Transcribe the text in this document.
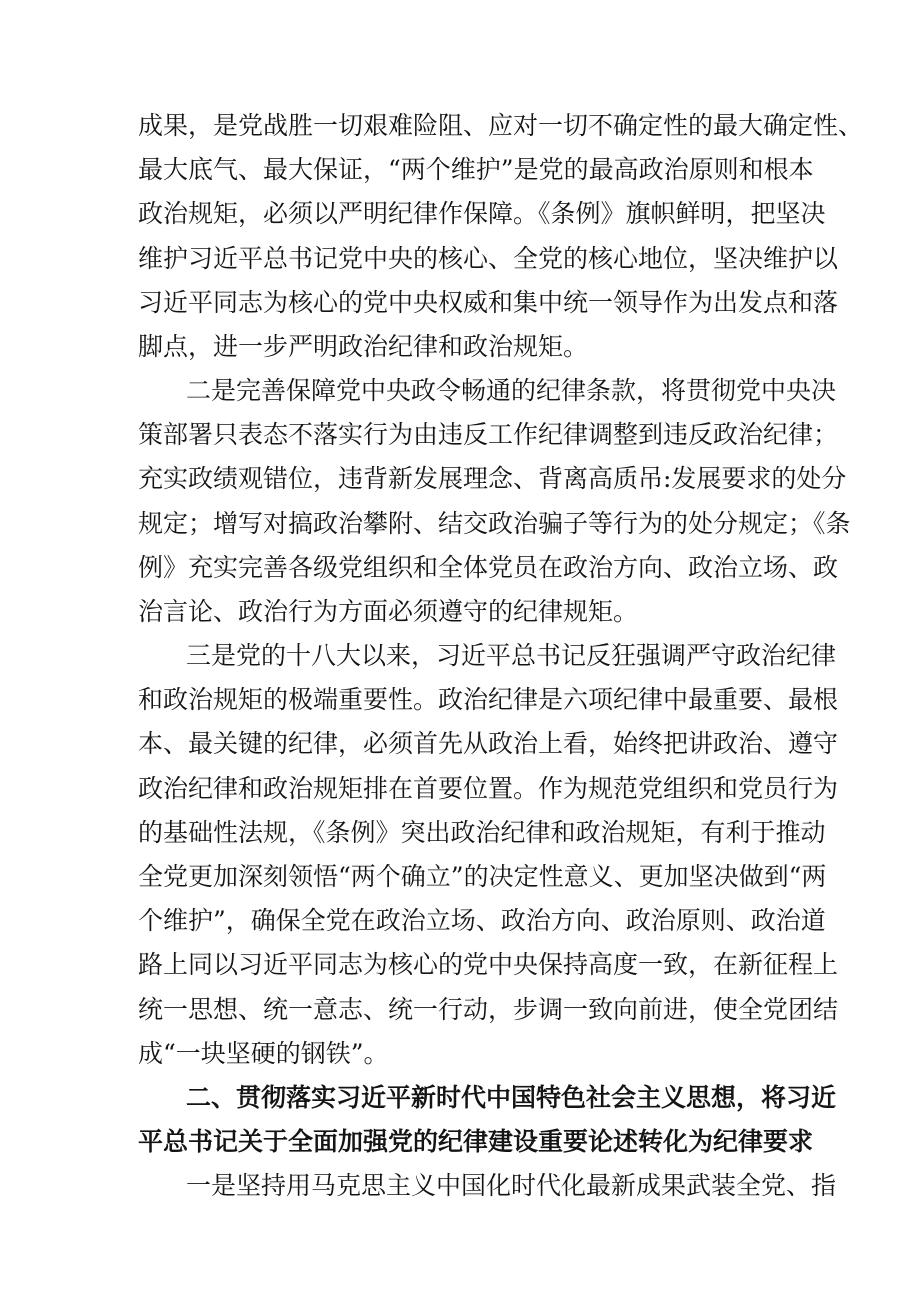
成果，是党战胜一切艰难险阻、应对一切不确定性的最大确定性、
最大底气、最大保证，“两个维护”是党的最高政治原则和根本
政治规矩，必须以严明纪律作保障。《条例》旗帜鲜明，把坚决
维护习近平总书记党中央的核心、全党的核心地位，坚决维护以
习近平同志为核心的党中央权威和集中统一领导作为出发点和落
脚点，进一步严明政治纪律和政治规矩。
二是完善保障党中央政令畅通的纪律条款，将贯彻党中央决
策部署只表态不落实行为由违反工作纪律调整到违反政治纪律；
充实政绩观错位，违背新发展理念、背离高质吊:发展要求的处分
规定；增写对搞政治攀附、结交政治骗子等行为的处分规定；《条
例》充实完善各级党组织和全体党员在政治方向、政治立场、政
治言论、政治行为方面必须遵守的纪律规矩。
三是党的十八大以来，习近平总书记反狂强调严守政治纪律
和政治规矩的极端重要性。政治纪律是六项纪律中最重要、最根
本、最关键的纪律，必须首先从政治上看，始终把讲政治、遵守
政治纪律和政治规矩排在首要位置。作为规范党组织和党员行为
的基础性法规，《条例》突出政治纪律和政治规矩，有利于推动
全党更加深刻领悟“两个确立”的决定性意义、更加坚决做到“两
个维护”，确保全党在政治立场、政治方向、政治原则、政治道
路上同以习近平同志为核心的党中央保持高度一致，在新征程上
统一思想、统一意志、统一行动，步调一致向前进，使全党团结
成“一块坚硬的钢铁”。
二、贯彻落实习近平新时代中国特色社会主义思想，将习近
平总书记关于全面加强党的纪律建设重要论述转化为纪律要求
一是坚持用马克思主义中国化时代化最新成果武装全党、指
